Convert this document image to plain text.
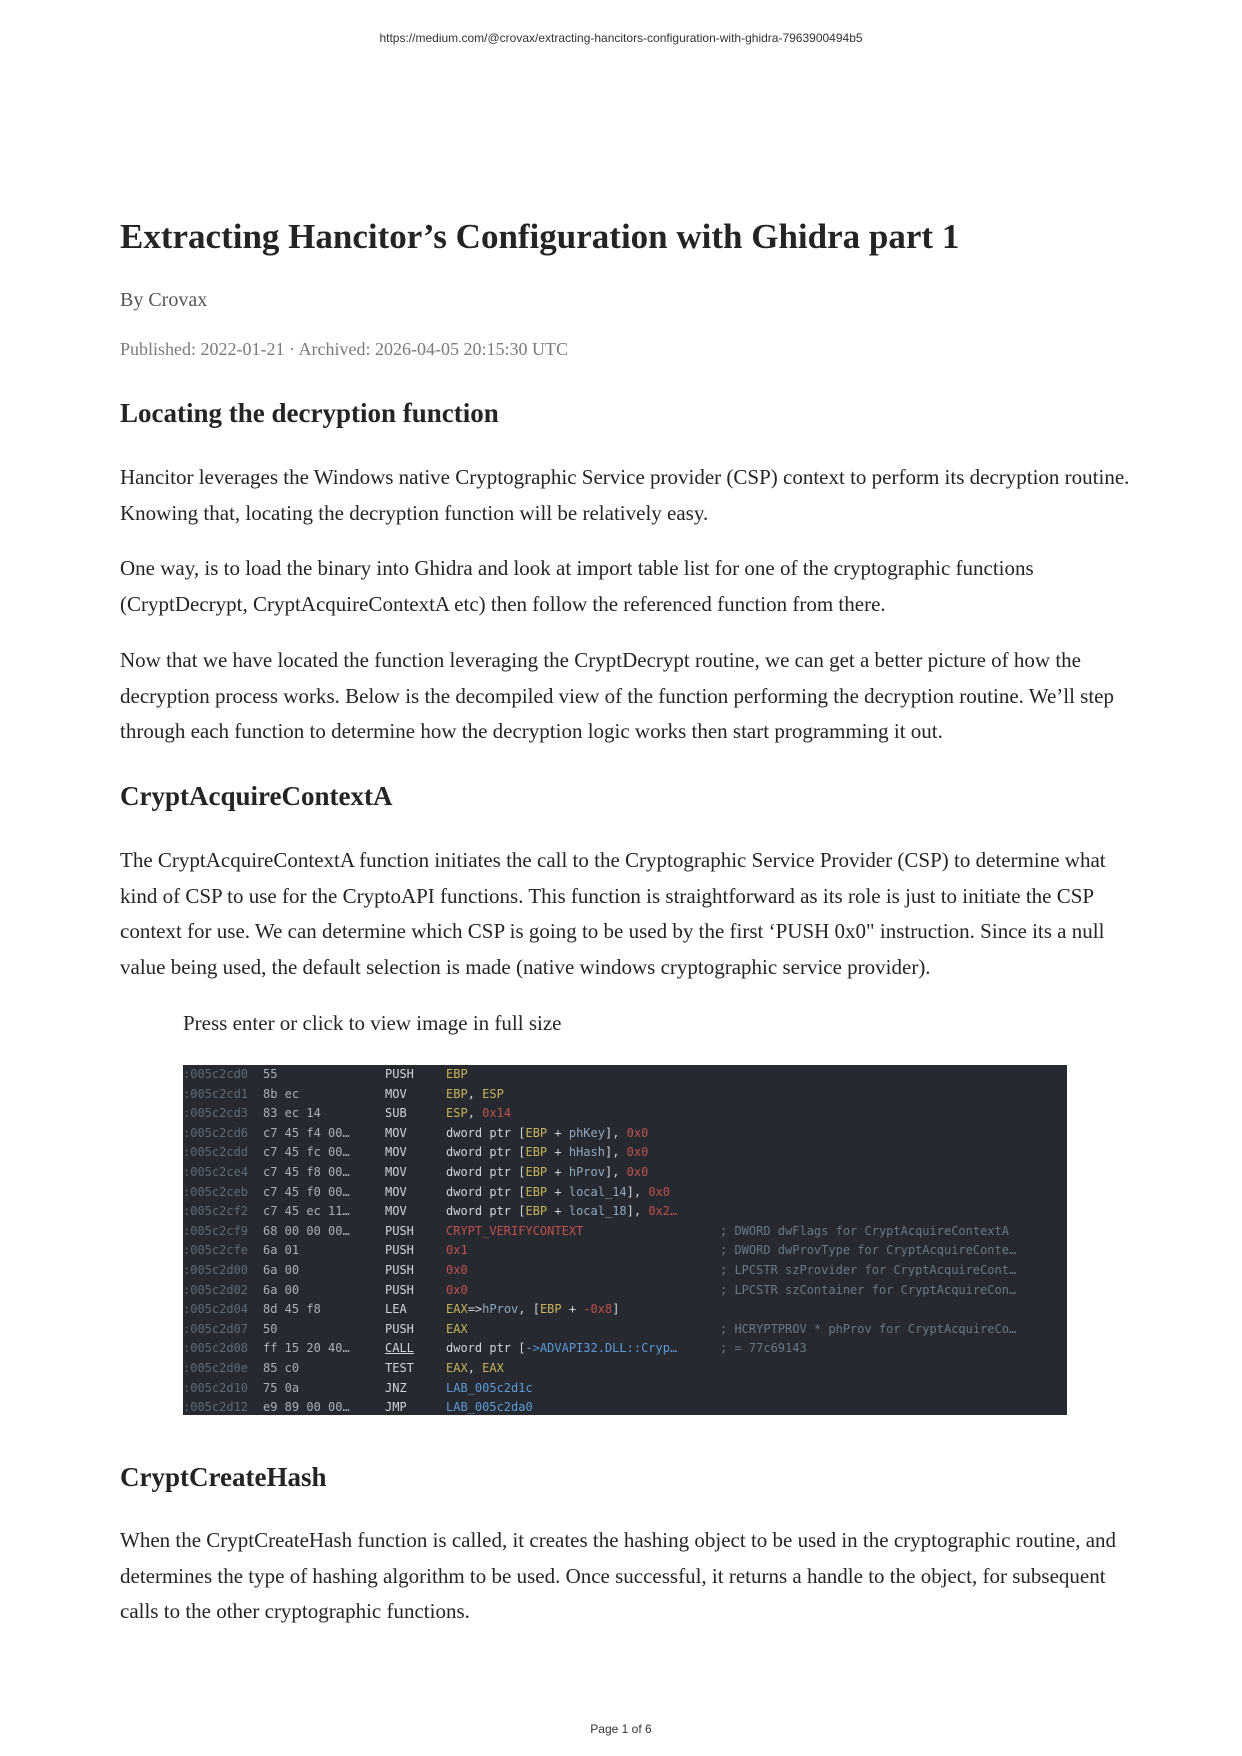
https://medium.com/@crovax/extracting-hancitors-configuration-with-ghidra-7963900494b5
Extracting Hancitor’s Configuration with Ghidra part 1
By Crovax
Published: 2022-01-21 · Archived: 2026-04-05 20:15:30 UTC
Locating the decryption function

Hancitor leverages the Windows native Cryptographic Service provider (CSP) context to perform its decryption routine. Knowing that, locating the decryption function will be relatively easy.

One way, is to load the binary into Ghidra and look at import table list for one of the cryptographic functions (CryptDecrypt, CryptAcquireContextA etc) then follow the referenced function from there.

Now that we have located the function leveraging the CryptDecrypt routine, we can get a better picture of how the decryption process works. Below is the decompiled view of the function performing the decryption routine. We’ll step through each function to determine how the decryption logic works then start programming it out.

CryptAcquireContextA

The CryptAcquireContextA function initiates the call to the Cryptographic Service Provider (CSP) to determine what kind of CSP to use for the CryptoAPI functions. This function is straightforward as its role is just to initiate the CSP context for use. We can determine which CSP is going to be used by the first ‘PUSH 0x0" instruction. Since its a null value being used, the default selection is made (native windows cryptographic service provider).

Press enter or click to view image in full size
CryptCreateHash

When the CryptCreateHash function is called, it creates the hashing object to be used in the cryptographic routine, and determines the type of hashing algorithm to be used. Once successful, it returns a handle to the object, for subsequent calls to the other cryptographic functions.

:005c2cd0 55	PUSH	EBP
:005c2cd1 8b ec	MOV	EBP, ESP
:005c2cd3 83 ec 14	SUB	ESP, 0x14
:005c2cd6 c7 45 f4 00…	MOV	dword ptr [EBP + phKey], 0x0
:005c2cdd c7 45 fc 00…	MOV	dword ptr [EBP + hHash], 0x0
:005c2ce4 c7 45 f8 00…	MOV	dword ptr [EBP + hProv], 0x0
:005c2ceb c7 45 f0 00…	MOV	dword ptr [EBP + local_14], 0x0
:005c2cf2 c7 45 ec 11…	MOV	dword ptr [EBP + local_18], 0x2…
:005c2cf9 68 00 00 00…	PUSH	CRYPT_VERIFYCONTEXT	; DWORD dwFlags for CryptAcquireContextA
:005c2cfe 6a 01	PUSH	0x1	; DWORD dwProvType for CryptAcquireConte…
:005c2d00 6a 00	PUSH	0x0	; LPCSTR szProvider for CryptAcquireCont…
:005c2d02 6a 00	PUSH	0x0	; LPCSTR szContainer for CryptAcquireCon…
:005c2d04 8d 45 f8	LEA	EAX=>hProv, [EBP + -0x8]
:005c2d07 50	PUSH	EAX	; HCRYPTPROV * phProv for CryptAcquireCo…
:005c2d08 ff 15 20 40…	CALL	dword ptr [->ADVAPI32.DLL::Cryp…	; = 77c69143
:005c2d0e 85 c0	TEST	EAX, EAX
:005c2d10 75 0a	JNZ	LAB_005c2d1c
:005c2d12 e9 89 00 00…	JMP	LAB_005c2da0
Page 1 of 6
